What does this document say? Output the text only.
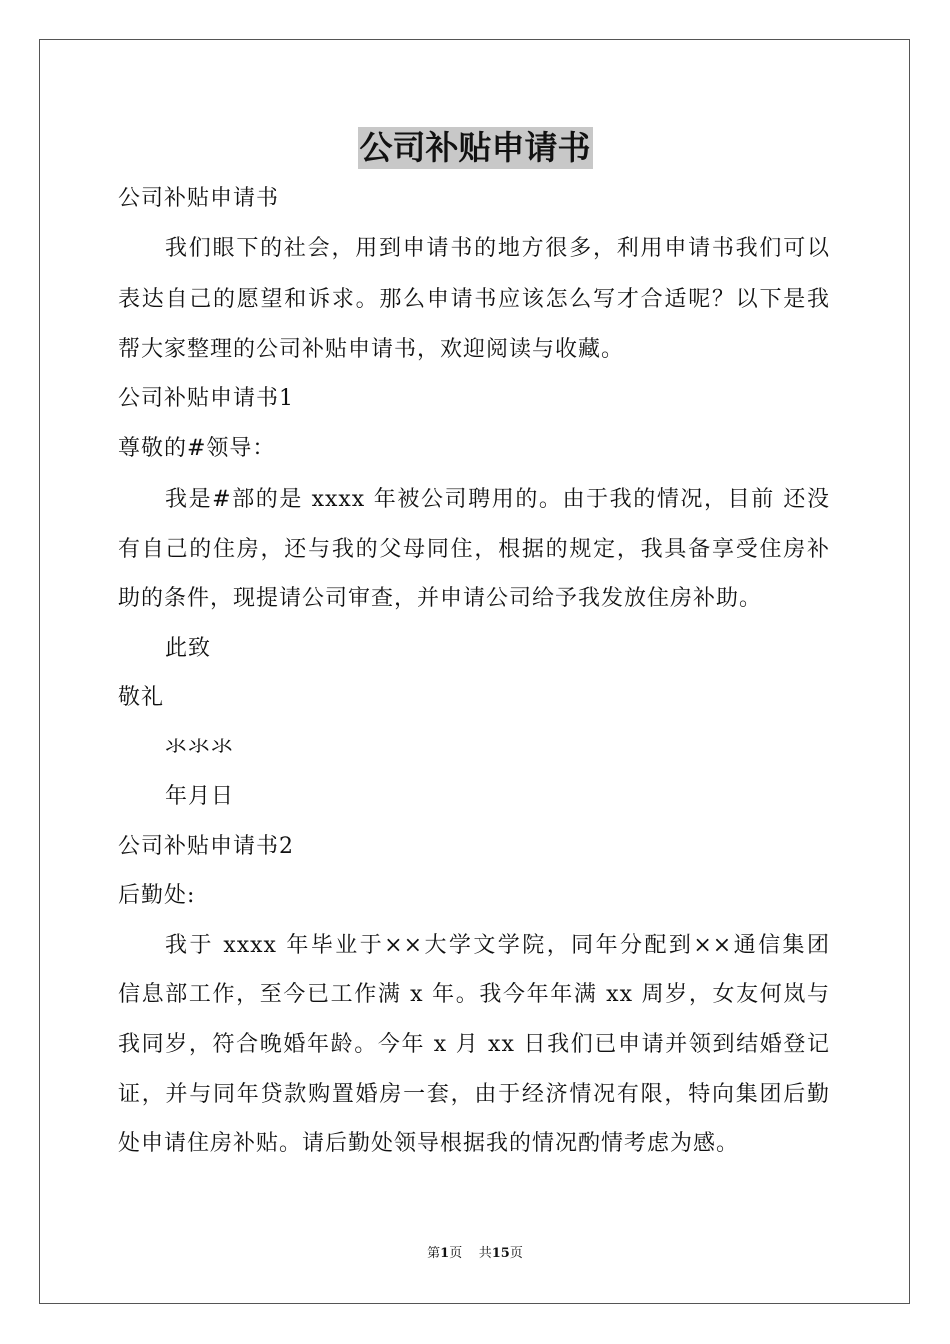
公司补贴申请书
公司补贴申请书
我们眼下的社会，用到申请书的地方很多，利用申请书我们可以
表达自己的愿望和诉求。那么申请书应该怎么写才合适呢？以下是我
帮大家整理的公司补贴申请书，欢迎阅读与收藏。
公司补贴申请书1
尊敬的#领导：
我是#部的是 xxxx 年被公司聘用的。由于我的情况，目前 还没
有自己的住房，还与我的父母同住，根据的规定，我具备享受住房补
助的条件，现提请公司审查，并申请公司给予我发放住房补助。
此致
敬礼
氺氺氺
年月日
公司补贴申请书2
后勤处:
我于 xxxx 年毕业于××大学文学院，同年分配到××通信集团
信息部工作，至今已工作满 x 年。我今年年满 xx 周岁，女友何岚与
我同岁，符合晚婚年龄。今年 x 月 xx 日我们已申请并领到结婚登记
证，并与同年贷款购置婚房一套，由于经济情况有限，特向集团后勤
处申请住房补贴。请后勤处领导根据我的情况酌情考虑为感。
第1页 共15页
